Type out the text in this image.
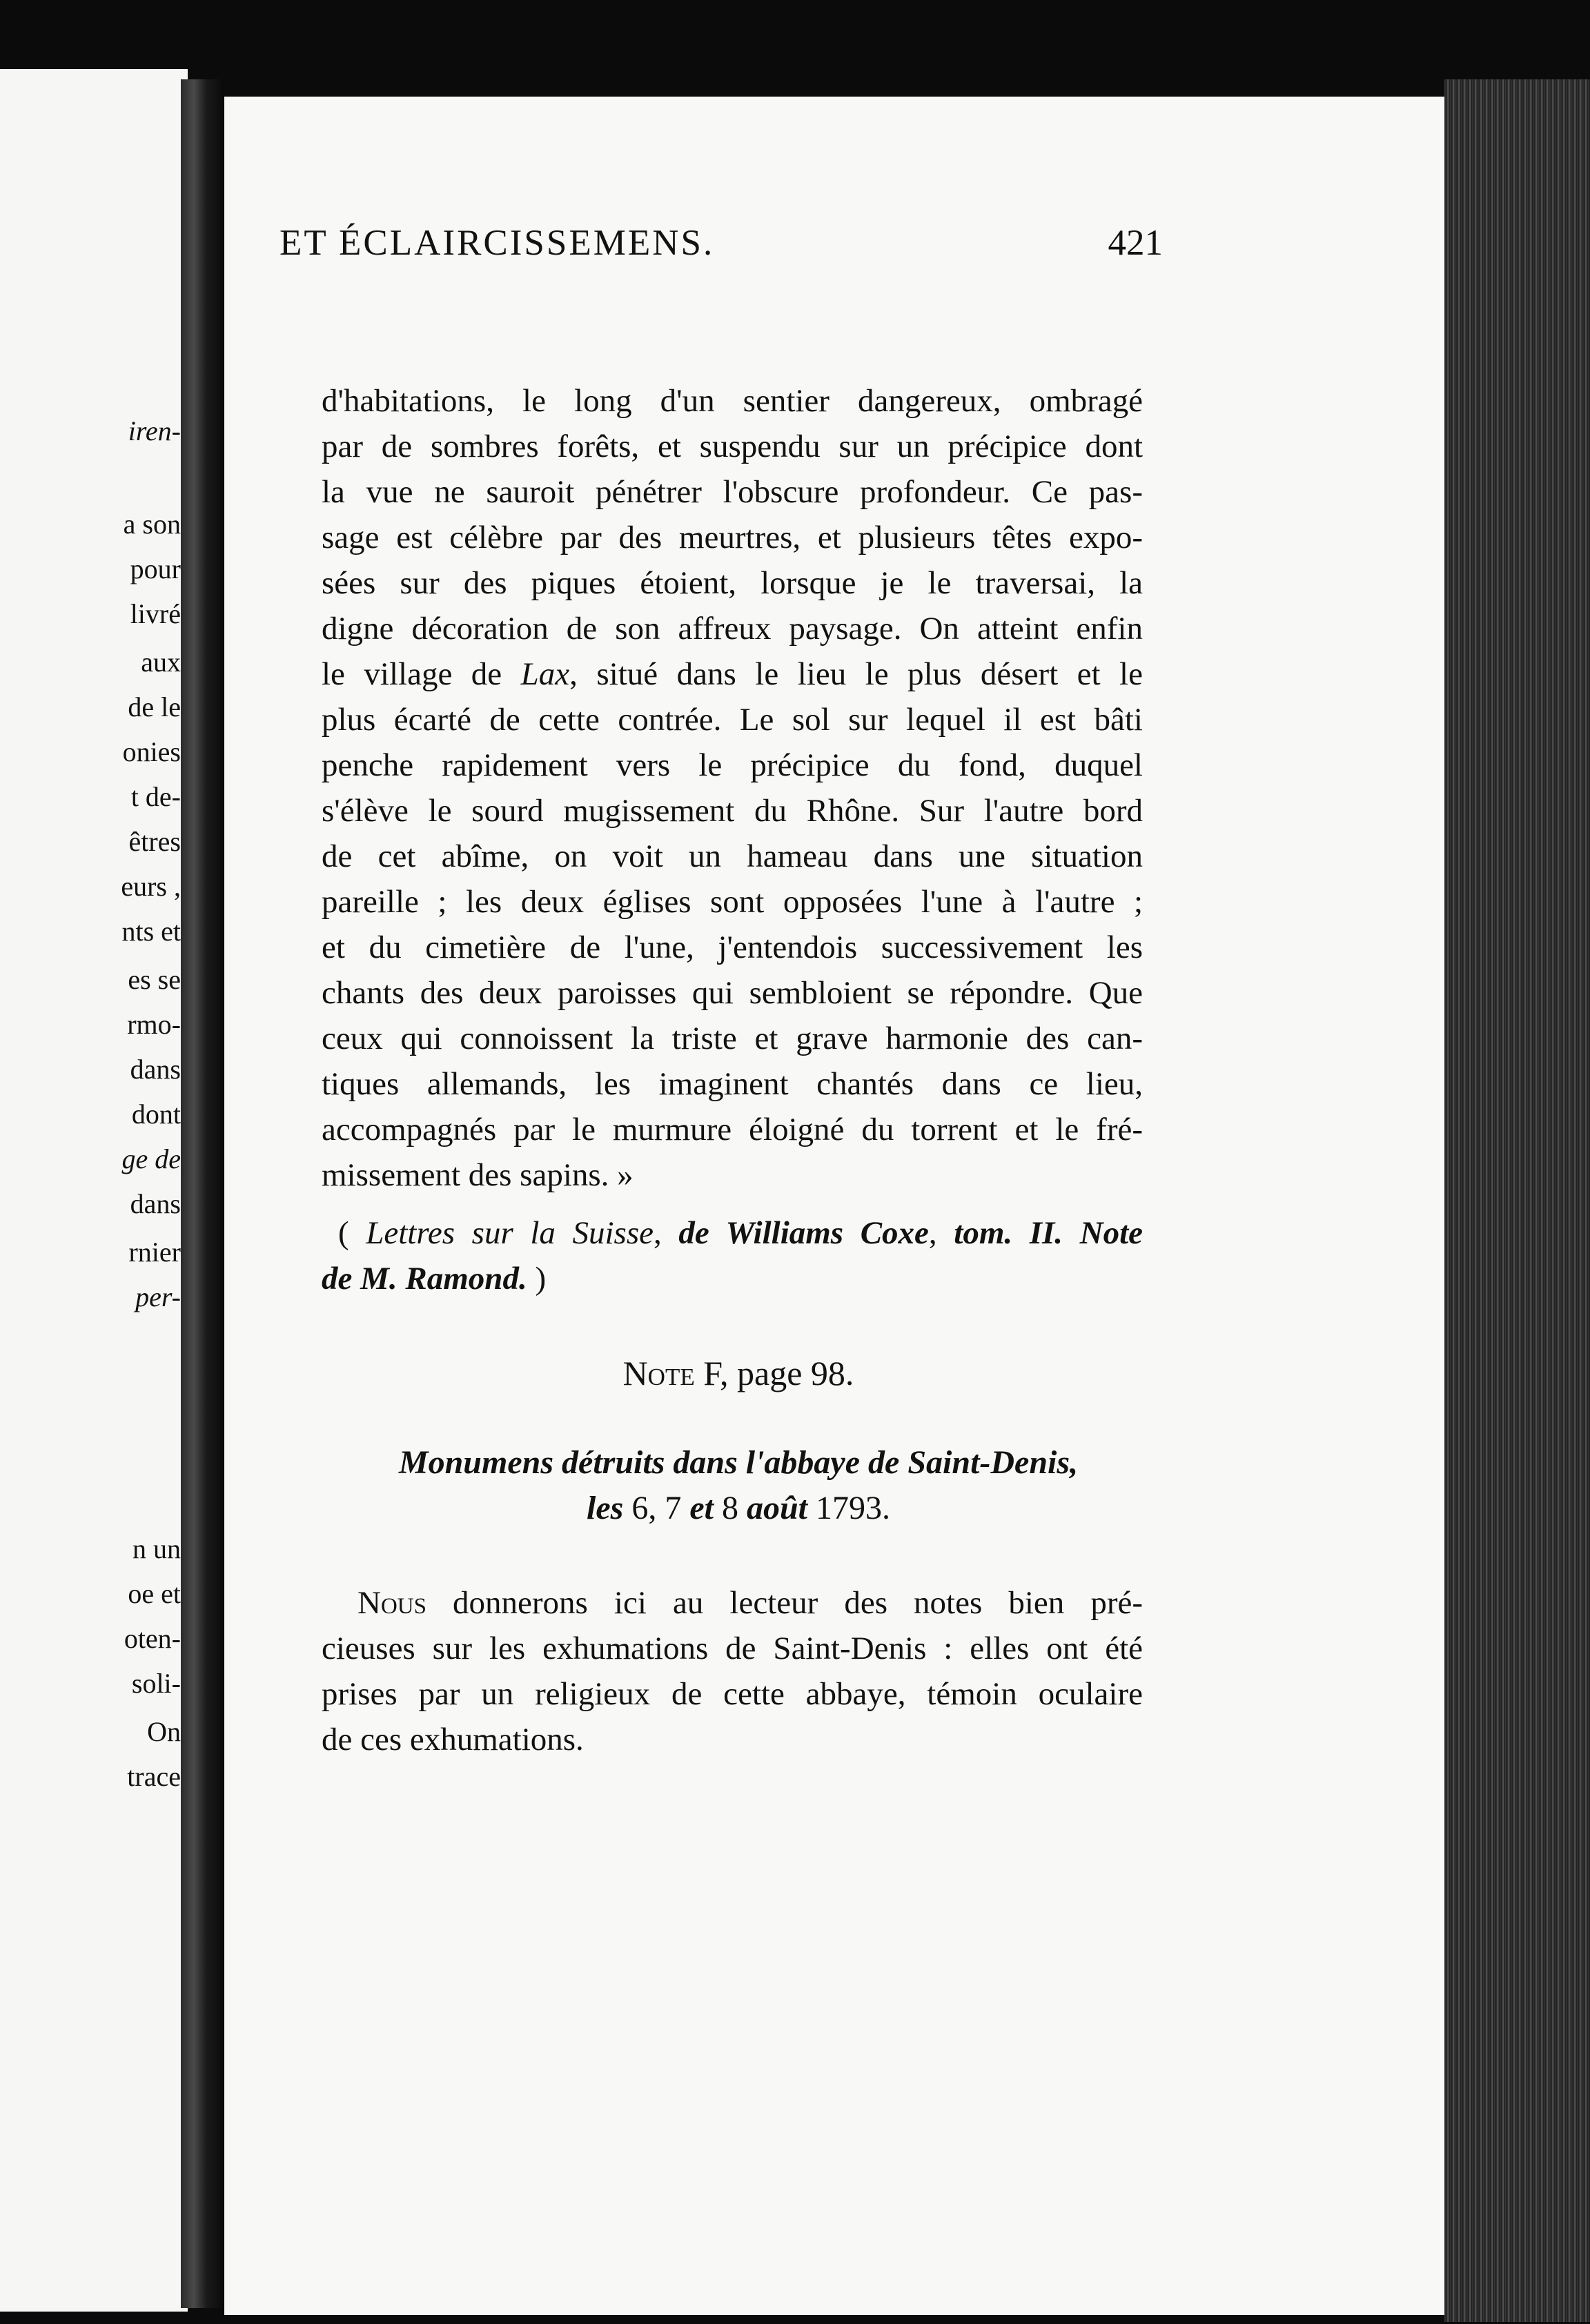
iren-

a son

pour

livré

aux

de le

onies

t de-

êtres

eurs ,

nts et

es se

rmo-

dans

dont

ge de

dans

rnier

per-

n un

oe et

oten-

soli-

On

trace

ET ÉCLAIRCISSEMENS.	421

d'habitations, le long d'un sentier dangereux, ombragé

par de sombres forêts, et suspendu sur un précipice dont

la vue ne sauroit pénétrer l'obscure profondeur. Ce pas-

sage est célèbre par des meurtres, et plusieurs têtes expo-

sées sur des piques étoient, lorsque je le traversai, la

digne décoration de son affreux paysage. On atteint enfin

le village de Lax, situé dans le lieu le plus désert et le

plus écarté de cette contrée. Le sol sur lequel il est bâti

penche rapidement vers le précipice du fond, duquel

s'élève le sourd mugissement du Rhône. Sur l'autre bord

de cet abîme, on voit un hameau dans une situation

pareille ; les deux églises sont opposées l'une à l'autre ;

et du cimetière de l'une, j'entendois successivement les

chants des deux paroisses qui sembloient se répondre. Que

ceux qui connoissent la triste et grave harmonie des can-

tiques allemands, les imaginent chantés dans ce lieu,

accompagnés par le murmure éloigné du torrent et le fré-

missement des sapins. »

( Lettres sur la Suisse, de Williams Coxe, tom. II. Note

de M. Ramond. )

Note F, page 98.

Monumens détruits dans l'abbaye de Saint-Denis,

les 6, 7 et 8 août 1793.

Nous donnerons ici au lecteur des notes bien pré-

cieuses sur les exhumations de Saint-Denis : elles ont été

prises par un religieux de cette abbaye, témoin oculaire

de ces exhumations.
